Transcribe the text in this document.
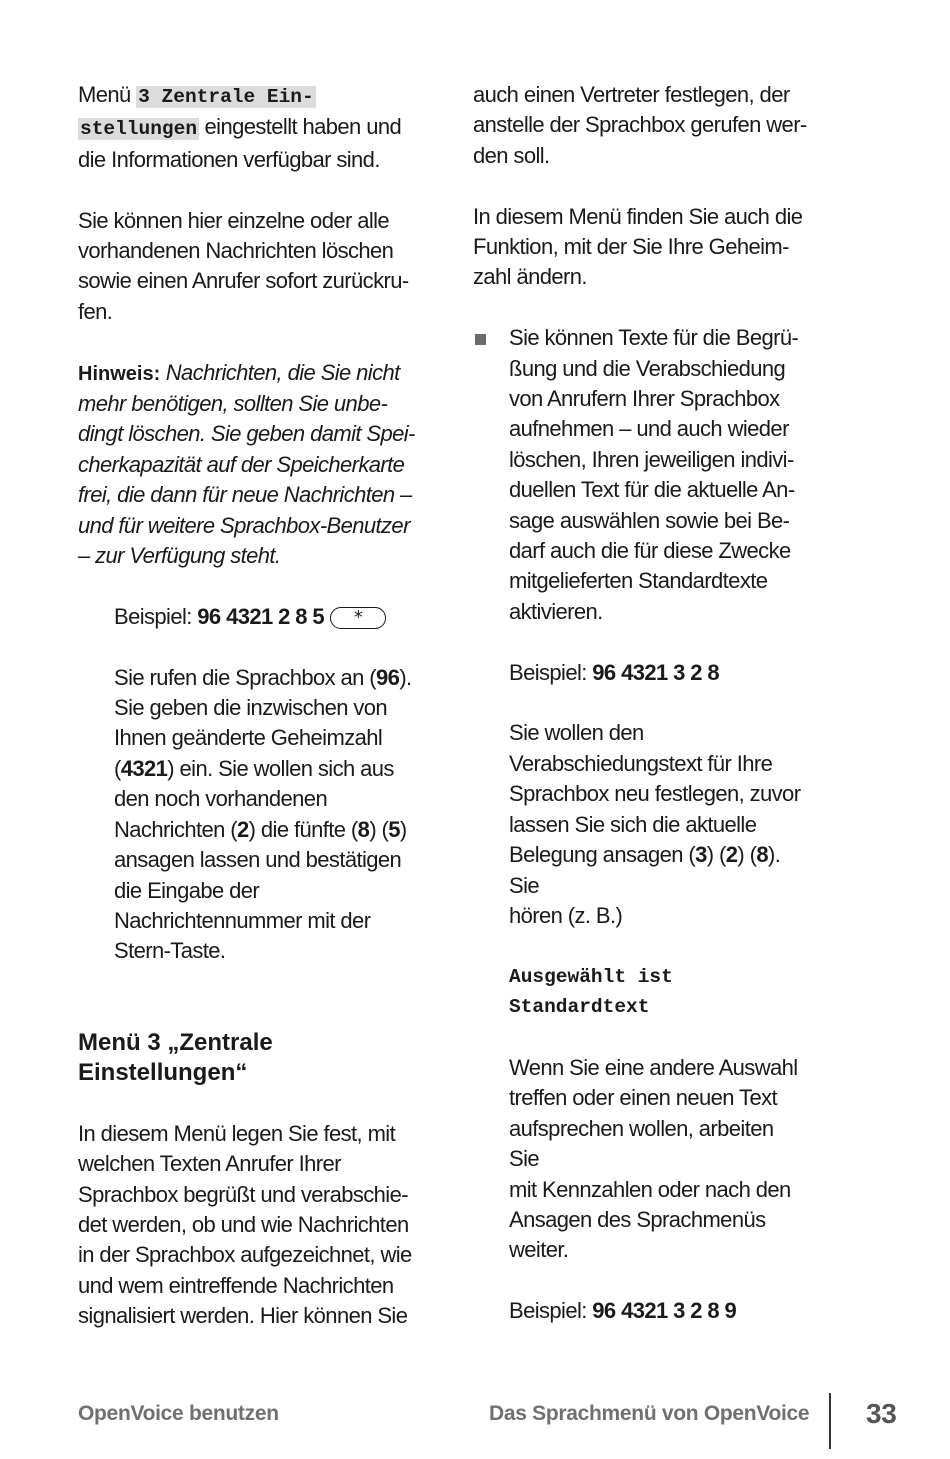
Menü 3 Zentrale Ein-

stellungen eingestellt haben und

die Informationen verfügbar sind.

Sie können hier einzelne oder alle

vorhandenen Nachrichten löschen

sowie einen Anrufer sofort zurückru-

fen.

Hinweis: Nachrichten, die Sie nicht

mehr benötigen, sollten Sie unbe-

dingt löschen. Sie geben damit Spei-

cherkapazität auf der Speicherkarte

frei, die dann für neue Nachrichten –

und für weitere Sprachbox-Benutzer

– zur Verfügung steht.

Beispiel: 96 4321 2 8 5 *

Sie rufen die Sprachbox an (96).

Sie geben die inzwischen von

Ihnen geänderte Geheimzahl

(4321) ein. Sie wollen sich aus

den noch vorhandenen

Nachrichten (2) die fünfte (8) (5)

ansagen lassen und bestätigen

die Eingabe der

Nachrichtennummer mit der

Stern-Taste.

Menü 3 „Zentrale
Einstellungen“

In diesem Menü legen Sie fest, mit

welchen Texten Anrufer Ihrer

Sprachbox begrüßt und verabschie-

det werden, ob und wie Nachrichten

in der Sprachbox aufgezeichnet, wie

und wem eintreffende Nachrichten

signalisiert werden. Hier können Sie

auch einen Vertreter festlegen, der

anstelle der Sprachbox gerufen wer-

den soll.

In diesem Menü finden Sie auch die

Funktion, mit der Sie Ihre Geheim-

zahl ändern.

Sie können Texte für die Begrü-

ßung und die Verabschiedung

von Anrufern Ihrer Sprachbox

aufnehmen – und auch wieder

löschen, Ihren jeweiligen indivi-

duellen Text für die aktuelle An-

sage auswählen sowie bei Be-

darf auch die für diese Zwecke

mitgelieferten Standardtexte

aktivieren.

Beispiel: 96 4321 3 2 8

Sie wollen den

Verabschiedungstext für Ihre

Sprachbox neu festlegen, zuvor

lassen Sie sich die aktuelle

Belegung ansagen (3) (2) (8). Sie

hören (z. B.)

Ausgewählt ist

Standardtext

Wenn Sie eine andere Auswahl

treffen oder einen neuen Text

aufsprechen wollen, arbeiten Sie

mit Kennzahlen oder nach den

Ansagen des Sprachmenüs

weiter.

Beispiel: 96 4321 3 2 8 9

OpenVoice benutzen	Das Sprachmenü von OpenVoice 33
